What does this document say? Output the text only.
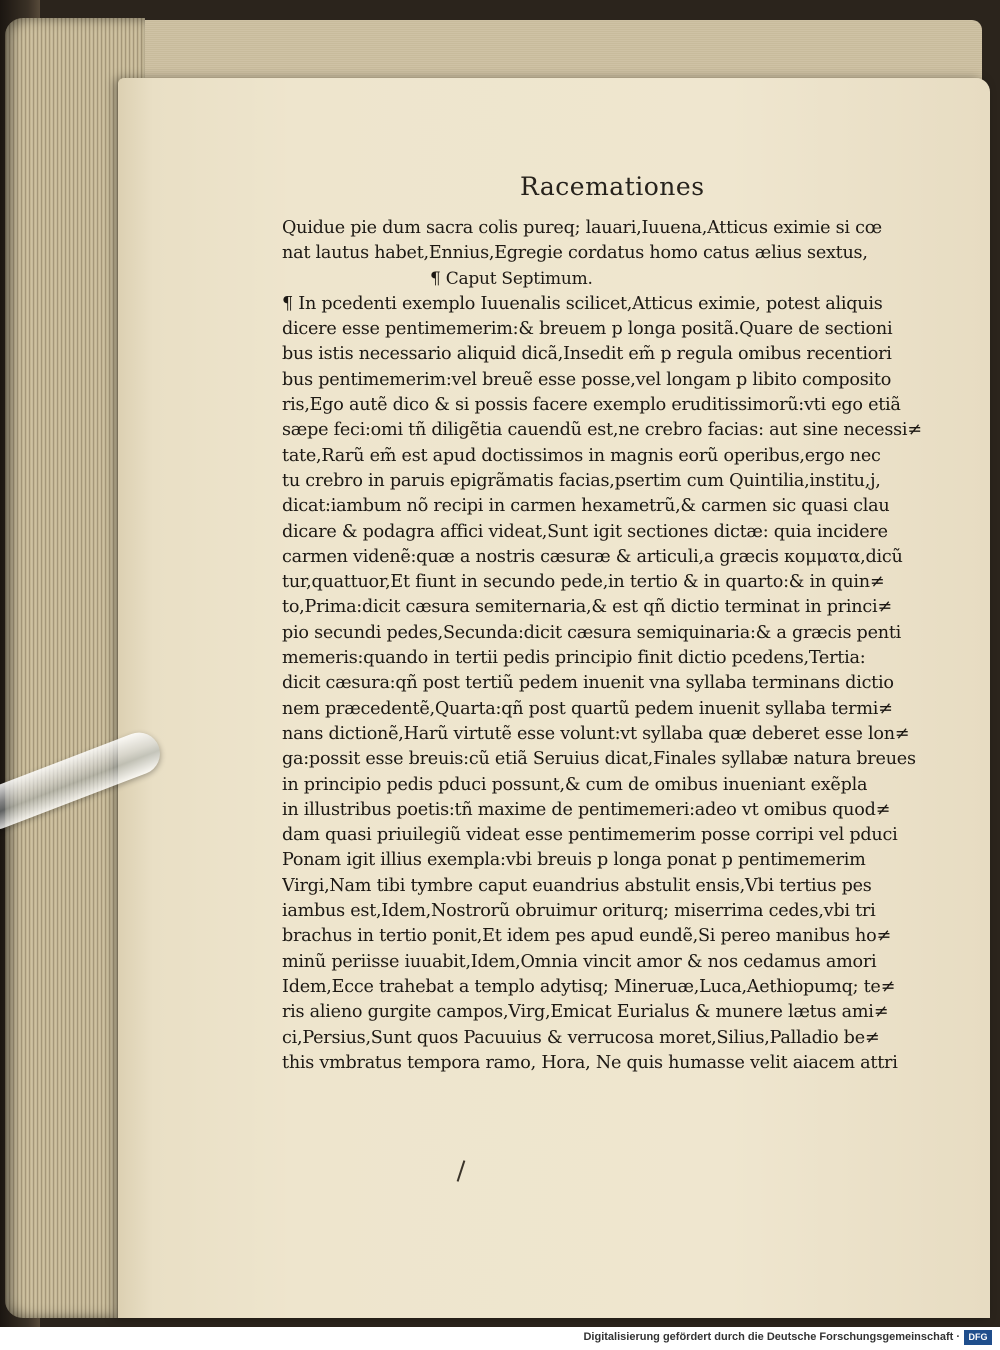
Racemationes
Quidue pie dum sacra colis pureq; lauari,Iuuena,Atticus eximie si cœ
nat lautus habet,Ennius,Egregie cordatus homo catus ælius sextus,
¶ Caput Septimum.
¶ In pcedenti exemplo Iuuenalis scilicet,Atticus eximie, potest aliquis
dicere esse pentimemerim:& breuem p longa positã.Quare de sectioni
bus istis necessario aliquid dicã,Insedit em̃ p regula omibus recentiori
bus pentimemerim:vel breuẽ esse posse,vel longam p libito composito
ris,Ego autẽ dico & si possis facere exemplo eruditissimorũ:vti ego etiã
sæpe feci:omi tñ diligẽtia cauendũ est,ne crebro facias: aut sine necessi≠
tate,Rarũ em̃ est apud doctissimos in magnis eorũ operibus,ergo nec
tu crebro in paruis epigrãmatis facias,psertim cum Quintilia,institu,j,
dicat:iambum nõ recipi in carmen hexametrũ,& carmen sic quasi clau
dicare & podagra affici videat,Sunt igit sectiones dictæ: quia incidere
carmen videnẽ:quæ a nostris cæsuræ & articuli,a græcis κομματα,dicũ
tur,quattuor,Et fiunt in secundo pede,in tertio & in quarto:& in quin≠
to,Prima:dicit cæsura semiternaria,& est qñ dictio terminat in princi≠
pio secundi pedes,Secunda:dicit cæsura semiquinaria:& a græcis penti
memeris:quando in tertii pedis principio finit dictio pcedens,Tertia:
dicit cæsura:qñ post tertiũ pedem inuenit vna syllaba terminans dictio
nem præcedentẽ,Quarta:qñ post quartũ pedem inuenit syllaba termi≠
nans dictionẽ,Harũ virtutẽ esse volunt:vt syllaba quæ deberet esse lon≠
ga:possit esse breuis:cũ etiã Seruius dicat,Finales syllabæ natura breues
in principio pedis pduci possunt,& cum de omibus inueniant exẽpla
in illustribus poetis:tñ maxime de pentimemeri:adeo vt omibus quod≠
dam quasi priuilegiũ videat esse pentimemerim posse corripi vel pduci
Ponam igit illius exempla:vbi breuis p longa ponat p pentimemerim
Virgi,Nam tibi tymbre caput euandrius abstulit ensis,Vbi tertius pes
iambus est,Idem,Nostrorũ obruimur oriturq; miserrima cedes,vbi tri
brachus in tertio ponit,Et idem pes apud eundẽ,Si pereo manibus ho≠
minũ periisse iuuabit,Idem,Omnia vincit amor & nos cedamus amori
Idem,Ecce trahebat a templo adytisq; Mineruæ,Luca,Aethiopumq; te≠
ris alieno gurgite campos,Virg,Emicat Eurialus & munere lætus ami≠
ci,Persius,Sunt quos Pacuuius & verrucosa moret,Silius,Palladio be≠
this vmbratus tempora ramo, Hora, Ne quis humasse velit aiacem attri
Digitalisierung gefördert durch die Deutsche Forschungsgemeinschaft · DFG
